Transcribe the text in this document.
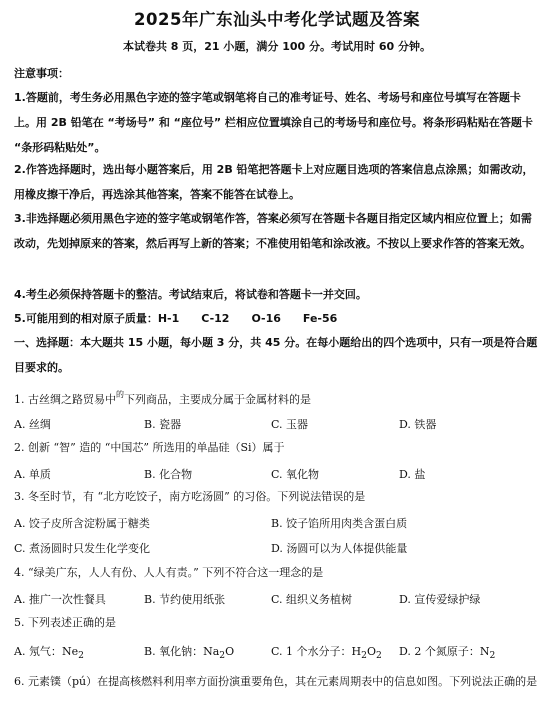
2025年广东汕头中考化学试题及答案
本试卷共 8 页，21 小题，满分 100 分。考试用时 60 分钟。

注意事项：

1.答题前，考生务必用黑色字迹的签字笔或钢笔将自己的准考证号、姓名、考场号和座位号填写在答题卡上。用 2B 铅笔在 “考场号” 和 “座位号” 栏相应位置填涂自己的考场号和座位号。将条形码粘贴在答题卡 “条形码粘贴处”。

2.作答选择题时，选出每小题答案后，用 2B 铅笔把答题卡上对应题目选项的答案信息点涂黑；如需改动，用橡皮擦干净后，再选涂其他答案，答案不能答在试卷上。

3.非选择题必须用黑色字迹的签字笔或钢笔作答，答案必须写在答题卡各题目指定区域内相应位置上；如需改动，先划掉原来的答案，然后再写上新的答案；不准使用铅笔和涂改液。不按以上要求作答的答案无效。

4.考生必须保持答题卡的整洁。考试结束后，将试卷和答题卡一并交回。

5.可能用到的相对原子质量：H-1　　C-12　　O-16　　Fe-56

一、选择题：本大题共 15 小题，每小题 3 分，共 45 分。在每小题给出的四个选项中，只有一项是符合题目要求的。

1. 古丝绸之路贸易中$^的$下列商品，主要成分属于金属材料的是
A. 丝绸	B. 瓷器	C. 玉器	D. 铁器
2. 创新 “智” 造的 “中国芯” 所选用的单晶硅（Si）属于
A. 单质	B. 化合物	C. 氧化物	D. 盐
3. 冬至时节，有 “北方吃饺子，南方吃汤圆” 的习俗。下列说法错误的是
A. 饺子皮所含淀粉属于糖类	B. 饺子馅所用肉类含蛋白质
C. 煮汤圆时只发生化学变化	D. 汤圆可以为人体提供能量
4. “绿美广东，人人有份、人人有责。” 下列不符合这一理念的是
A. 推广一次性餐具	B. 节约使用纸张	C. 组织义务植树	D. 宣传爱绿护绿
5. 下列表述正确的是
A. 氖气：$Ne_2$	B. 氧化钠：$Na_2O$	C. 1 个水分子：$H_2O_2$ D. 2 个氮原子：$N_2$
6. 元素镤（pú）在提高核燃料利用率方面扮演重要角色，其在元素周期表中的信息如图。下列说法正确的是
